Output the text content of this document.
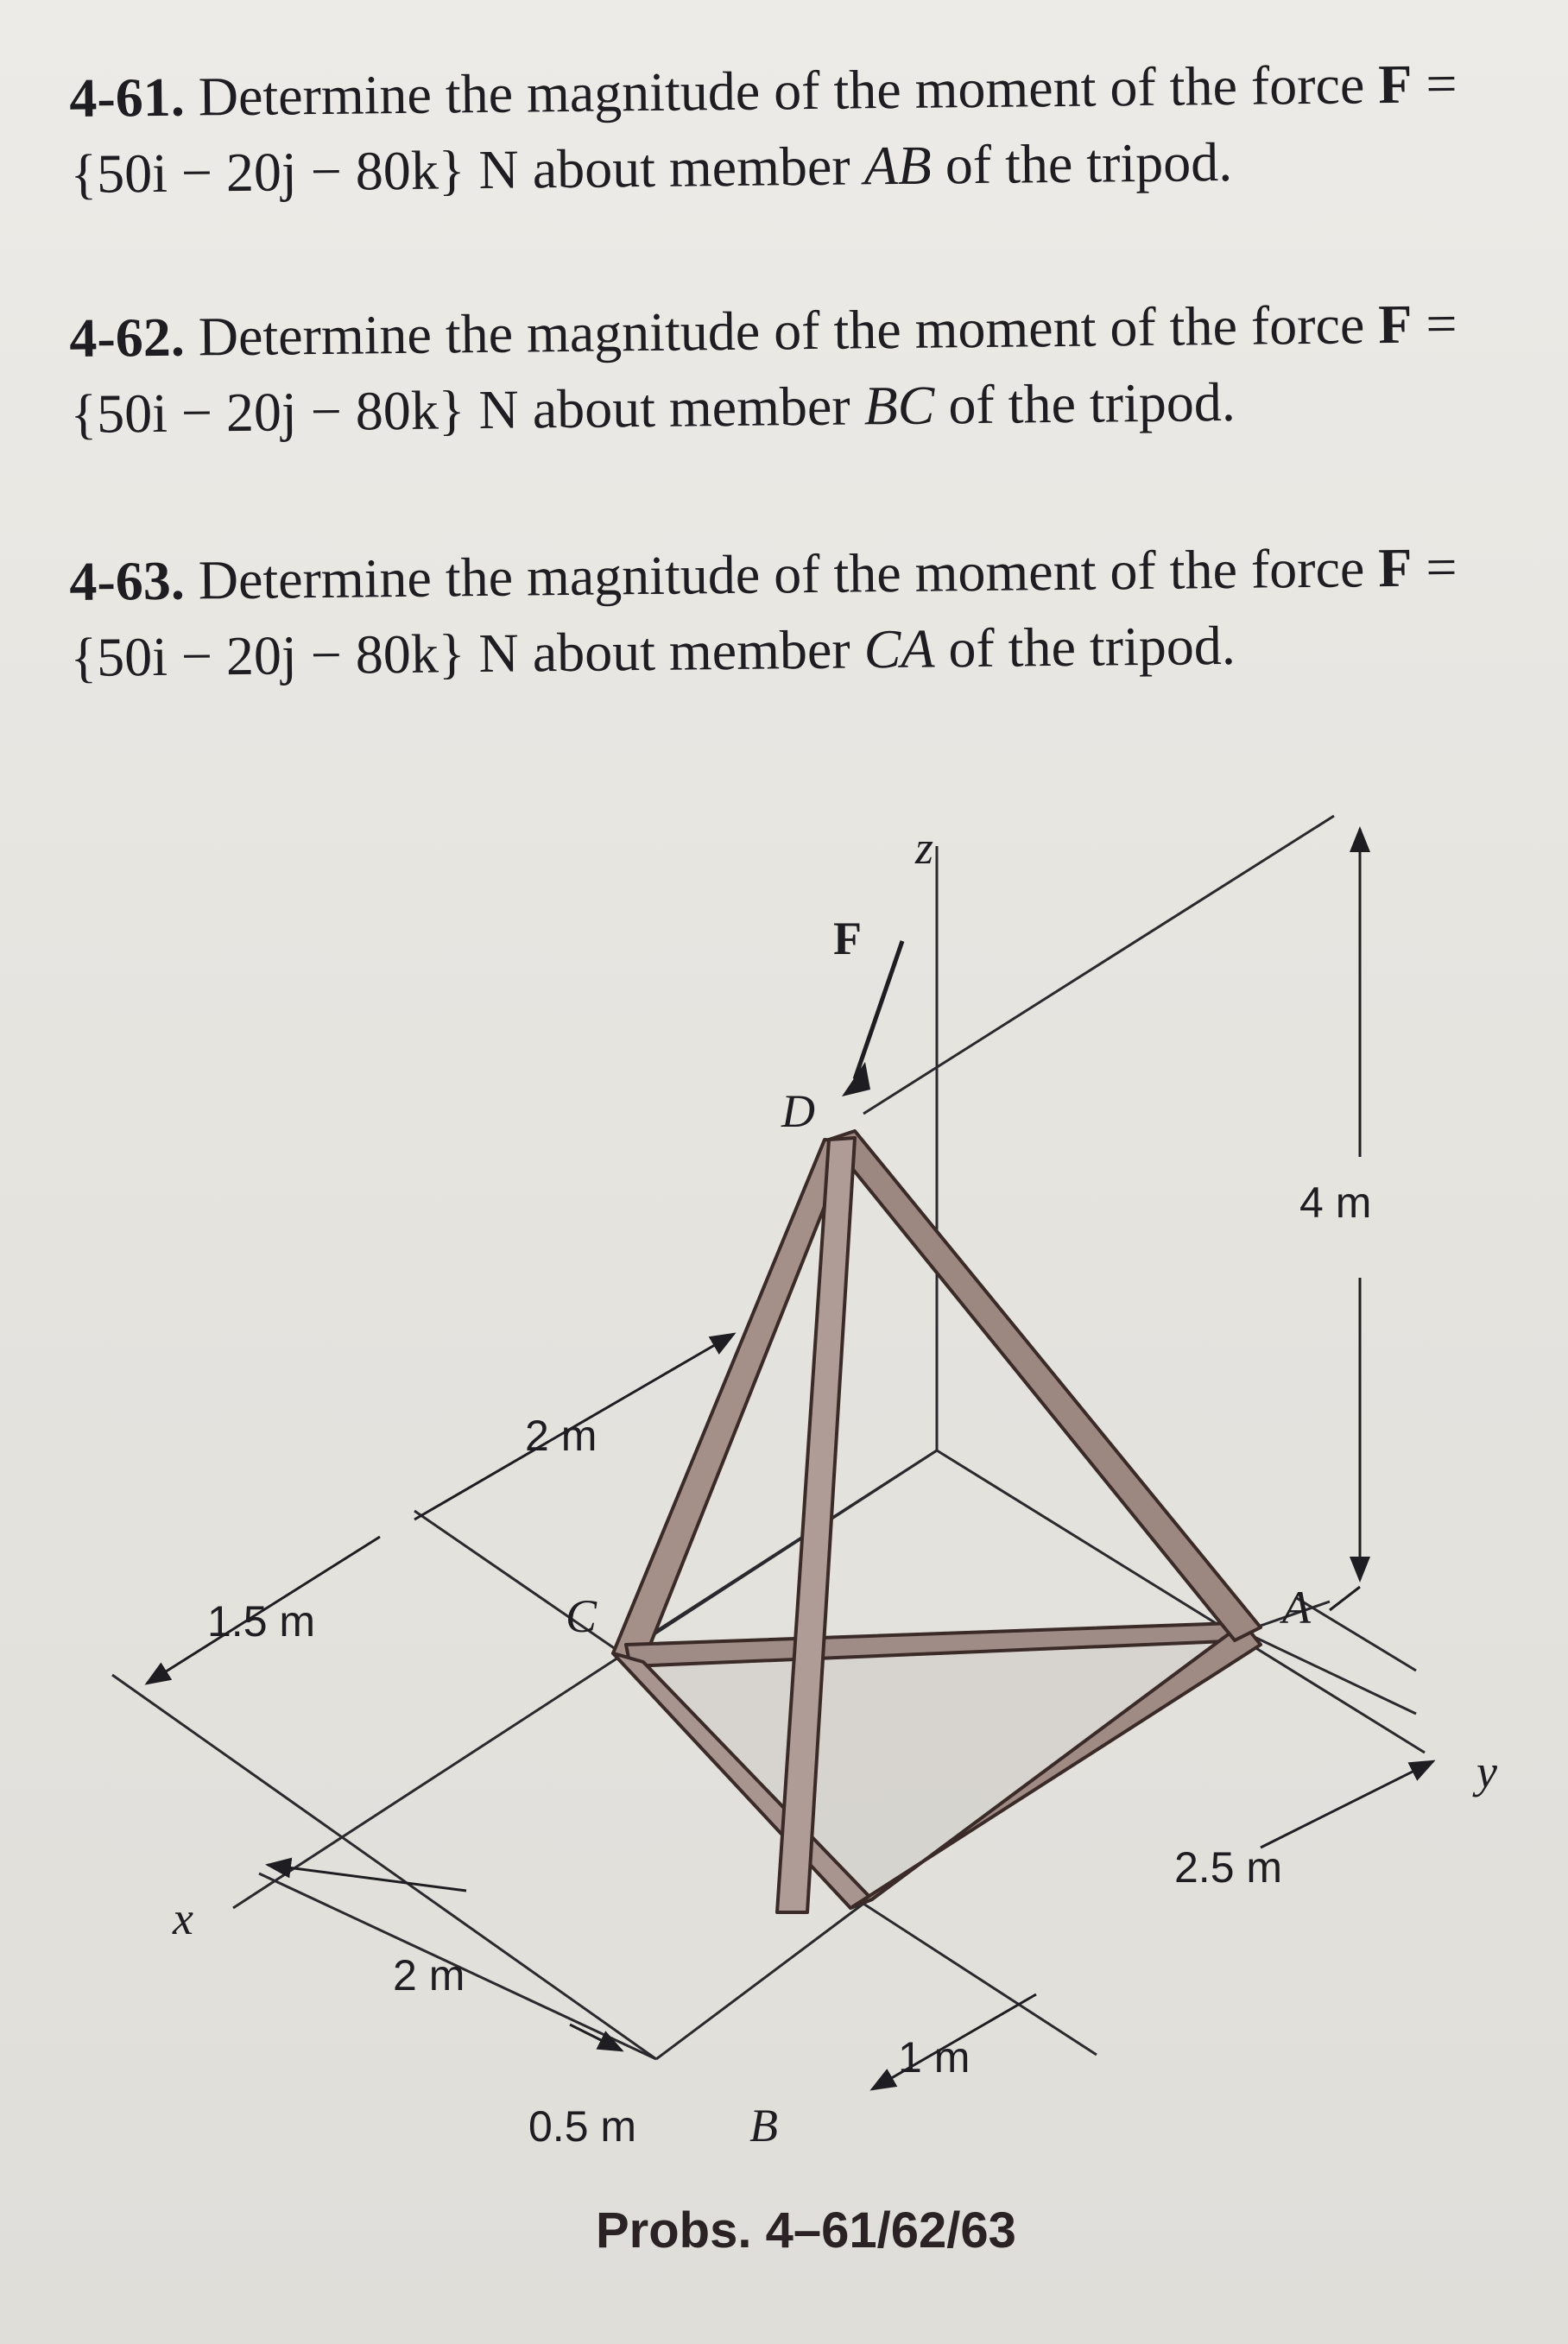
4-61. Determine the magnitude of the moment of the force F = {50i − 20j − 80k} N about member AB of the tripod.
4-62. Determine the magnitude of the moment of the force F = {50i − 20j − 80k} N about member BC of the tripod.
4-63. Determine the magnitude of the moment of the force F = {50i − 20j − 80k} N about member CA of the tripod.
z
F
D
C	A
B
x
y
2 m
1.5 m
2 m
0.5 m
1 m
2.5 m
4 m
Probs. 4–61/62/63
